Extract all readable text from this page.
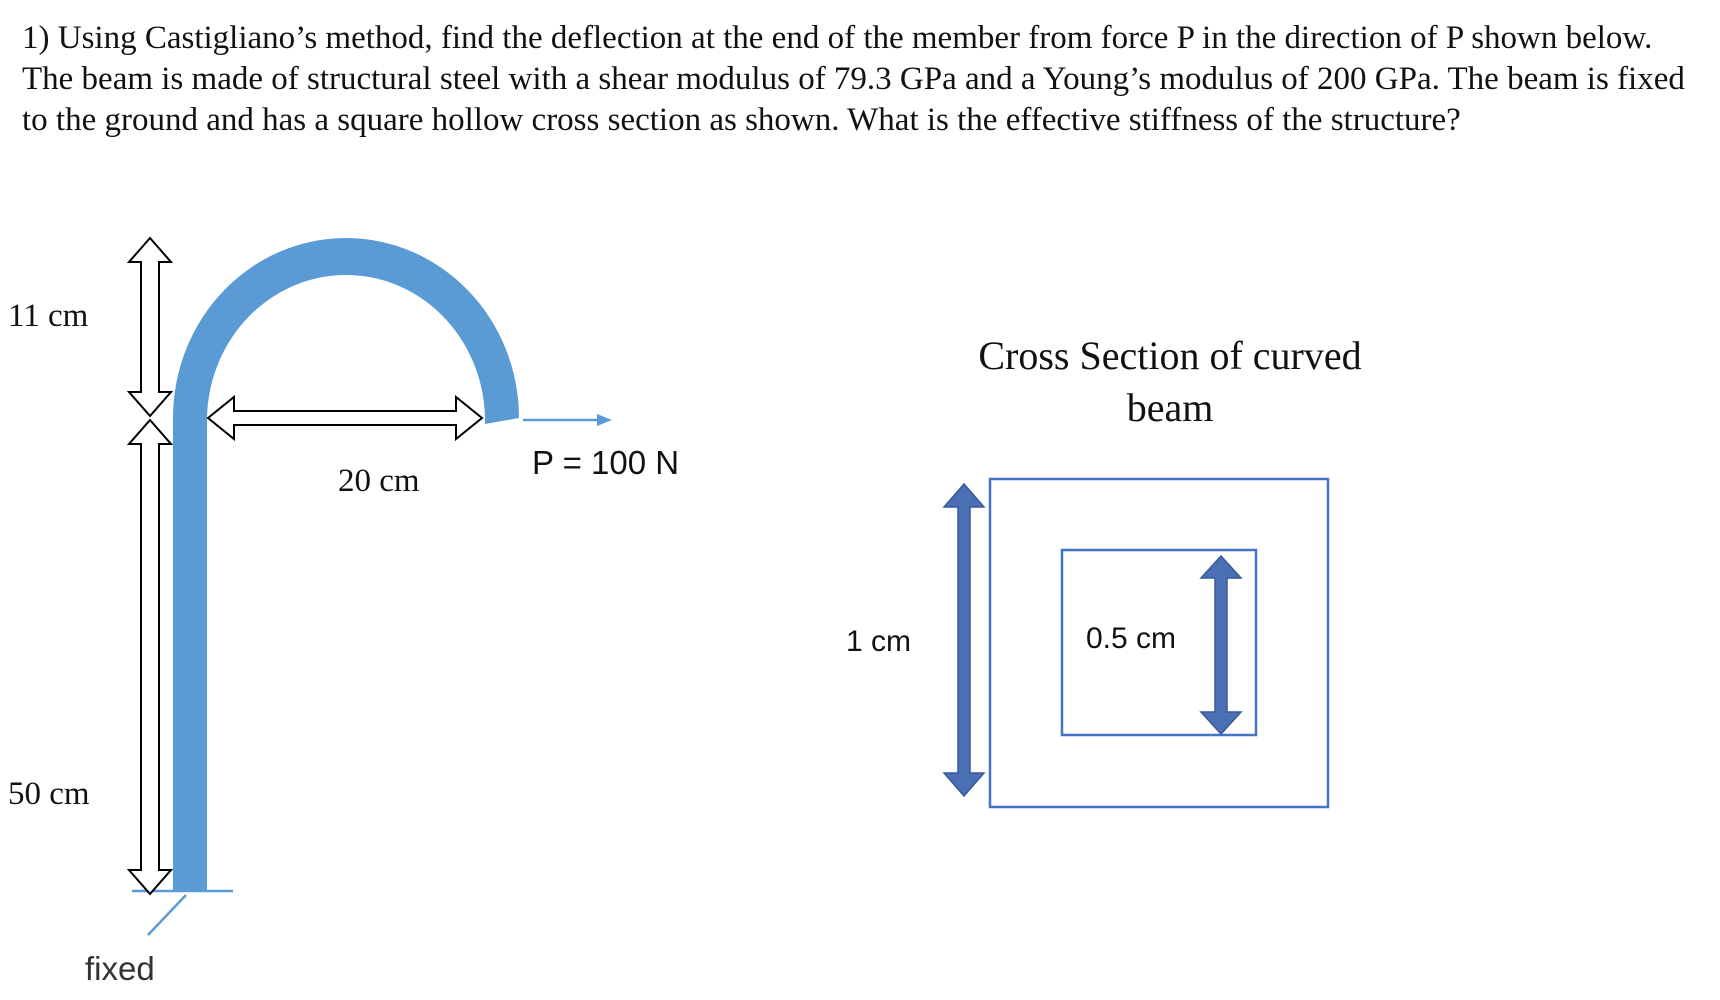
1) Using Castigliano’s method, find the deflection at the end of the member from force P in the direction of P shown below. The beam is made of structural steel with a shear modulus of 79.3 GPa and a Young’s modulus of 200 GPa. The beam is fixed to the ground and has a square hollow cross section as shown. What is the effective stiffness of the structure?

11 cm
50 cm
20 cm	P = 100 N
fixed
Cross Section of curved
beam
1 cm	0.5 cm
